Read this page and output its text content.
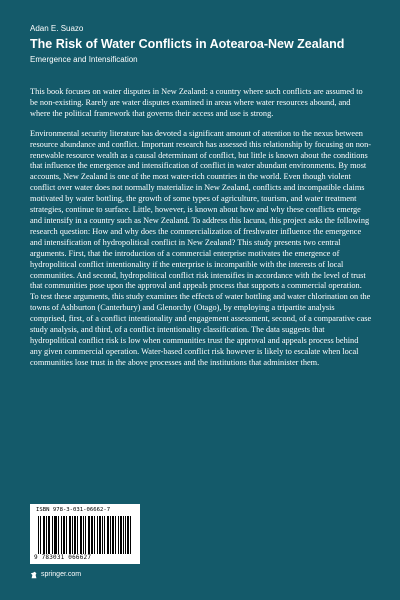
Adan E. Suazo

The Risk of Water Conflicts in Aotearoa-New Zealand

Emergence and Intensification

This book focuses on water disputes in New Zealand: a country where such conflicts are assumed to be non-existing. Rarely are water disputes examined in areas where water resources abound, and where the political framework that governs their access and use is strong.

Environmental security literature has devoted a significant amount of attention to the nexus between resource abundance and conflict. Important research has assessed this relationship by focusing on non-renewable resource wealth as a causal determinant of conflict, but little is known about the conditions that influence the emergence and intensification of conflict in water abundant environments. By most accounts, New Zealand is one of the most water-rich countries in the world. Even though violent conflict over water does not normally materialize in New Zealand, conflicts and incompatible claims motivated by water bottling, the growth of some types of agriculture, tourism, and water treatment strategies, continue to surface. Little, however, is known about how and why these conflicts emerge and intensify in a country such as New Zealand. To address this lacuna, this project asks the following research question: How and why does the commercialization of freshwater influence the emergence and intensification of hydropolitical conflict in New Zealand? This study presents two central arguments. First, that the introduction of a commercial enterprise motivates the emergence of hydropolitical conflict intentionality if the enterprise is incompatible with the interests of local communities. And second, hydropolitical conflict risk intensifies in accordance with the level of trust that communities pose upon the approval and appeals process that supports a commercial operation. To test these arguments, this study examines the effects of water bottling and water chlorination on the towns of Ashburton (Canterbury) and Glenorchy (Otago), by employing a tripartite analysis comprised, first, of a conflict intentionality and engagement assessment, second, of a comparative case study analysis, and third, of a conflict intentionality classification. The data suggests that hydropolitical conflict risk is low when communities trust the approval and appeals process behind any given commercial operation. Water-based conflict risk however is likely to escalate when local communities lose trust in the above processes and the institutions that administer them.

ISBN 978-3-031-06662-7
9 783031 066627
springer.com
